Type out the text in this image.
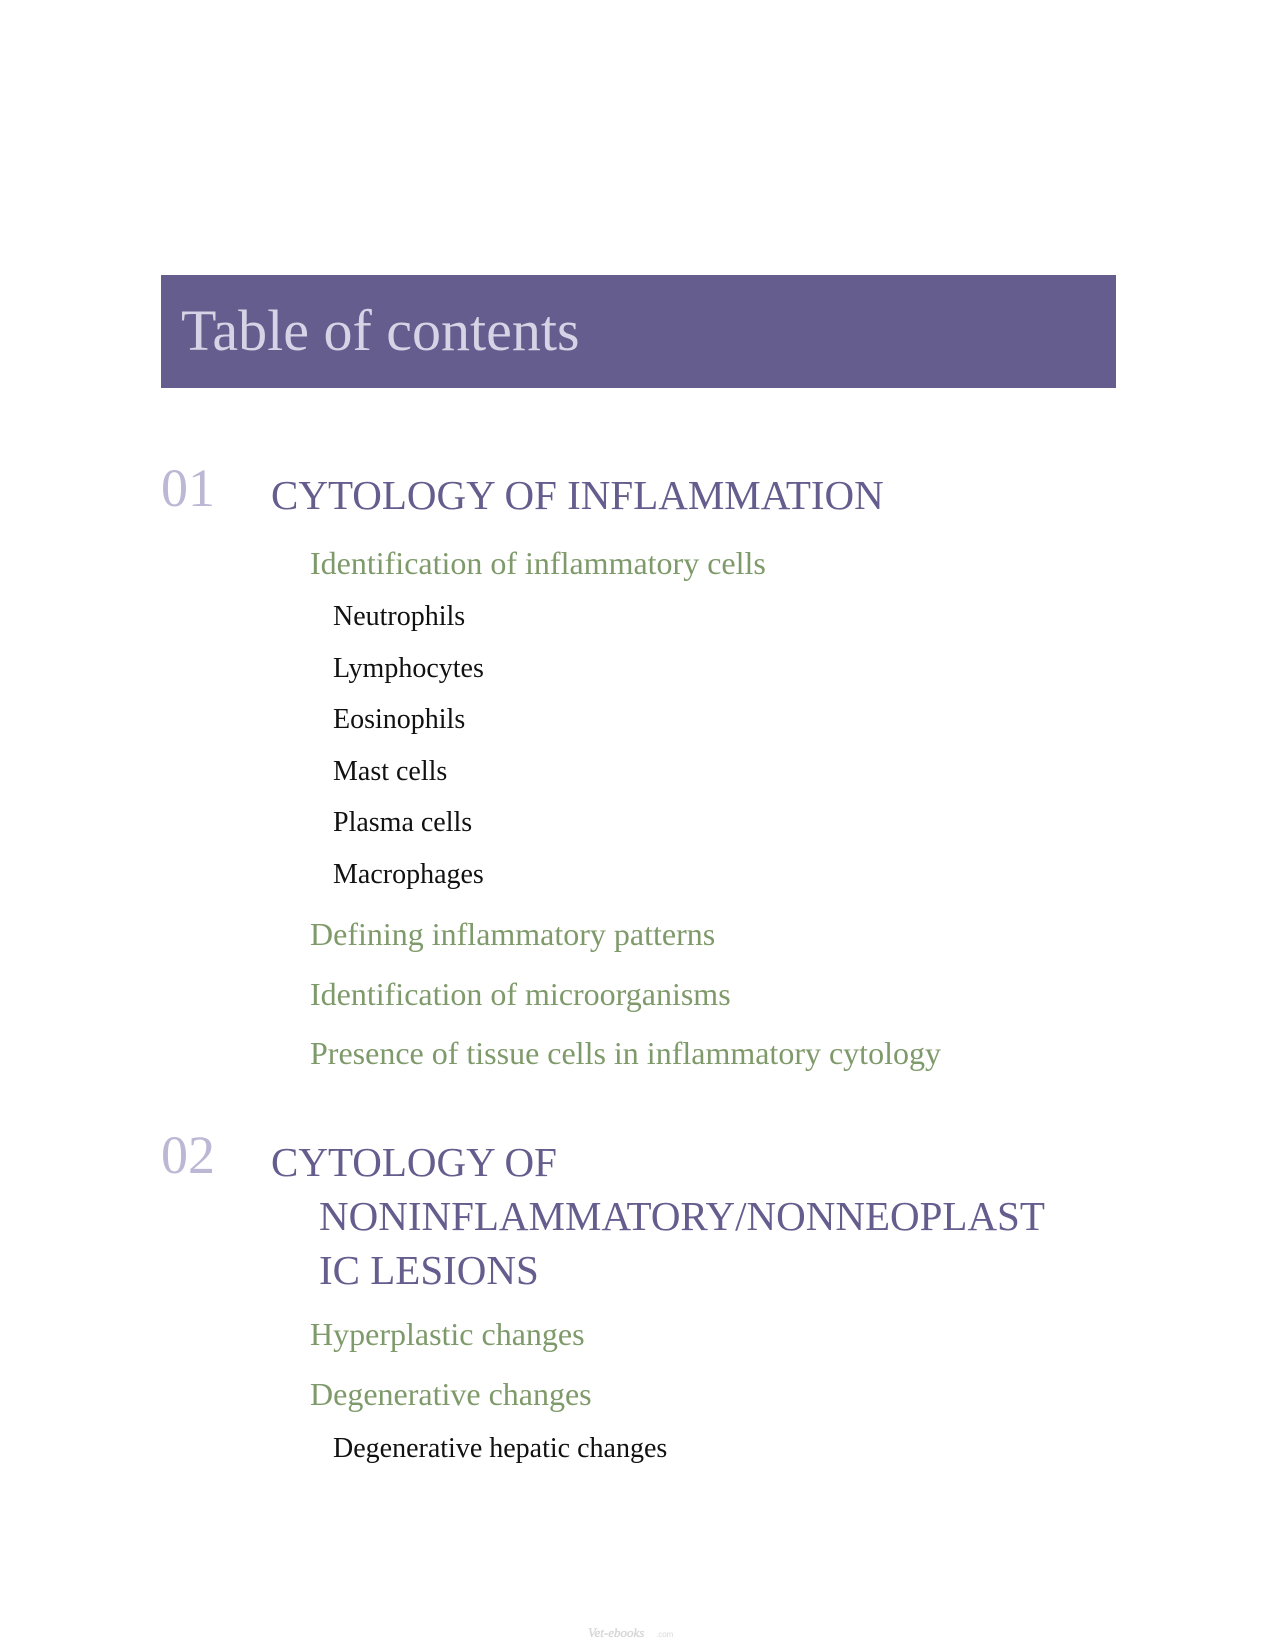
Table of contents
01 CYTOLOGY OF INFLAMMATION
Identification of inflammatory cells
Neutrophils
Lymphocytes
Eosinophils
Mast cells
Plasma cells
Macrophages
Defining inflammatory patterns
Identification of microorganisms
Presence of tissue cells in inflammatory cytology
02 CYTOLOGY OF
NONINFLAMMATORY/NONNEOPLAST
IC LESIONS
Hyperplastic changes
Degenerative changes
Degenerative hepatic changes
Vet-ebooks .com
